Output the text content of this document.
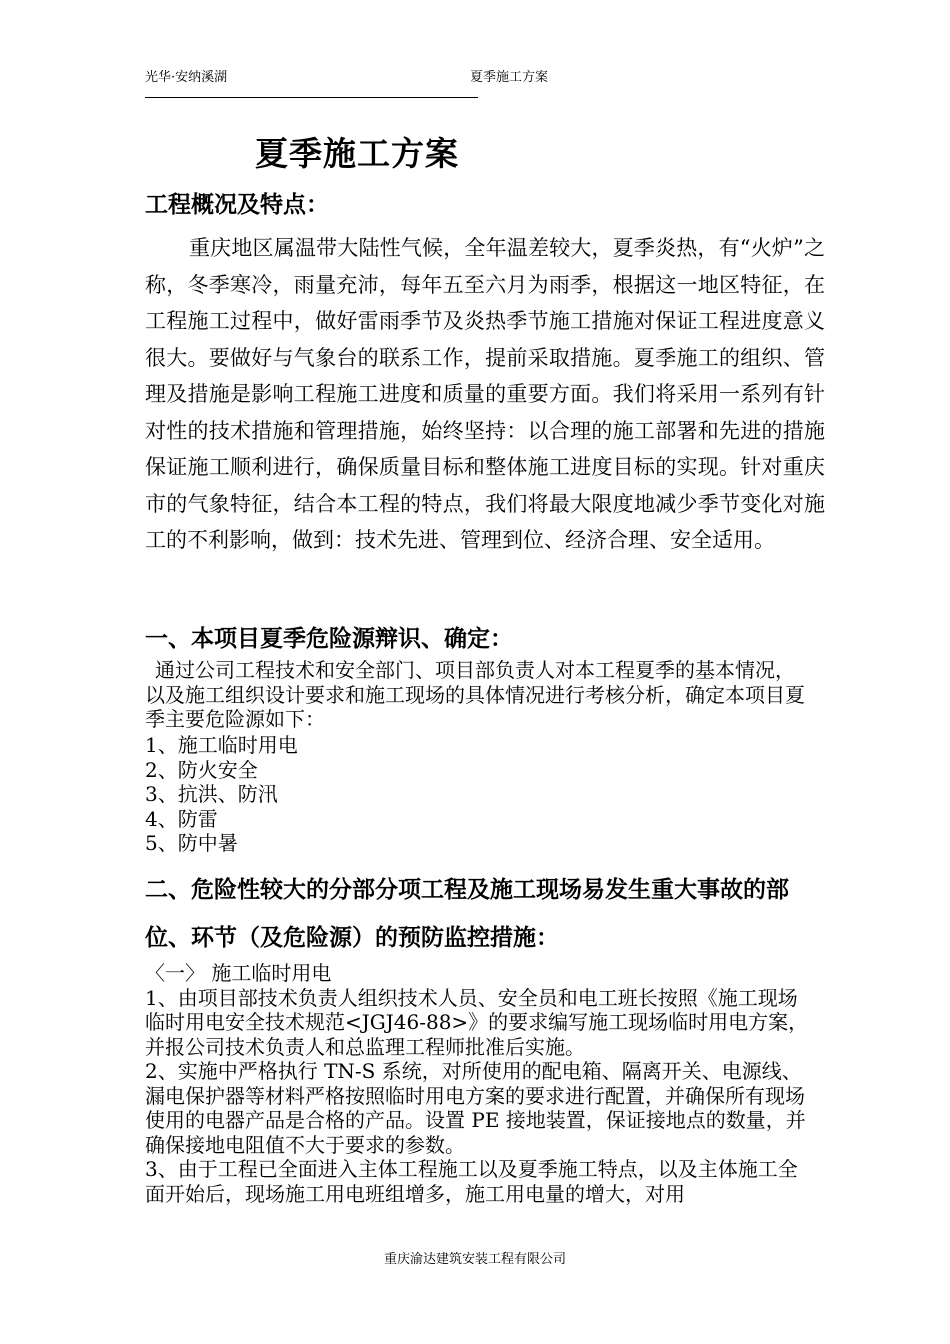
光华·安纳溪湖	夏季施工方案
夏季施工方案
工程概况及特点：

重庆地区属温带大陆性气候，全年温差较大，夏季炎热，有“火炉”之称，冬季寒冷，雨量充沛，每年五至六月为雨季，根据这一地区特征，在工程施工过程中，做好雷雨季节及炎热季节施工措施对保证工程进度意义很大。要做好与气象台的联系工作，提前采取措施。夏季施工的组织、管理及措施是影响工程施工进度和质量的重要方面。我们将采用一系列有针对性的技术措施和管理措施，始终坚持：以合理的施工部署和先进的措施保证施工顺利进行，确保质量目标和整体施工进度目标的实现。针对重庆市的气象特征，结合本工程的特点，我们将最大限度地减少季节变化对施工的不利影响，做到：技术先进、管理到位、经济合理、安全适用。

一、本项目夏季危险源辩识、确定：

通过公司工程技术和安全部门、项目部负责人对本工程夏季的基本情况，以及施工组织设计要求和施工现场的具体情况进行考核分析，确定本项目夏季主要危险源如下：

1、施工临时用电
2、防火安全
3、抗洪、防汛
4、防雷
5、防中暑

二、危险性较大的分部分项工程及施工现场易发生重大事故的部位、环节（及危险源）的预防监控措施：

〈一〉 施工临时用电

1、由项目部技术负责人组织技术人员、安全员和电工班长按照《施工现场临时用电安全技术规范<JGJ46-88>》的要求编写施工现场临时用电方案，并报公司技术负责人和总监理工程师批准后实施。

2、实施中严格执行 TN-S 系统，对所使用的配电箱、隔离开关、电源线、漏电保护器等材料严格按照临时用电方案的要求进行配置，并确保所有现场使用的电器产品是合格的产品。设置 PE 接地装置，保证接地点的数量，并确保接地电阻值不大于要求的参数。

3、由于工程已全面进入主体工程施工以及夏季施工特点，以及主体施工全面开始后，现场施工用电班组增多，施工用电量的增大，对用

重庆渝达建筑安装工程有限公司
